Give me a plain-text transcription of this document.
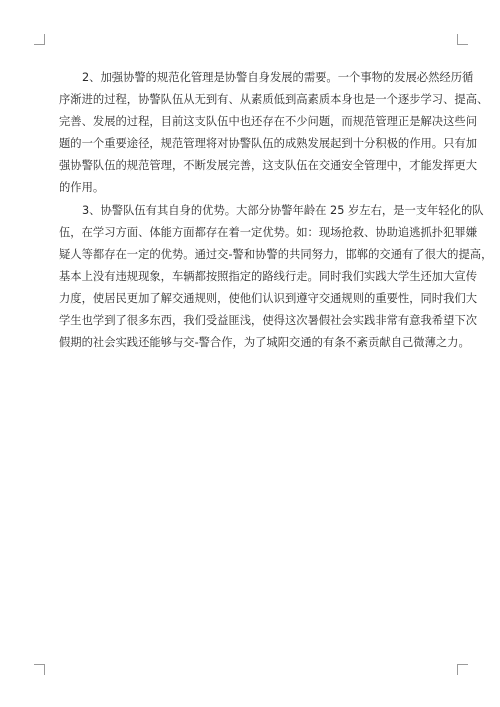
2、加强协警的规范化管理是协警自身发展的需要。一个事物的发展必然经历循
序渐进的过程，协警队伍从无到有、从素质低到高素质本身也是一个逐步学习、提高、
完善、发展的过程，目前这支队伍中也还存在不少问题，而规范管理正是解决这些问
题的一个重要途径，规范管理将对协警队伍的成熟发展起到十分积极的作用。只有加
强协警队伍的规范管理，不断发展完善，这支队伍在交通安全管理中，才能发挥更大
的作用。

3、协警队伍有其自身的优势。大部分协警年龄在 25 岁左右，是一支年轻化的队
伍，在学习方面、体能方面都存在着一定优势。如：现场抢救、协助追逃抓扑犯罪嫌
疑人等都存在一定的优势。通过交-警和协警的共同努力，邯郸的交通有了很大的提高，
基本上没有违规现象，车辆都按照指定的路线行走。同时我们实践大学生还加大宣传
力度，使居民更加了解交通规则，使他们认识到遵守交通规则的重要性，同时我们大
学生也学到了很多东西，我们受益匪浅，使得这次暑假社会实践非常有意我希望下次
假期的社会实践还能够与交-警合作，为了城阳交通的有条不紊贡献自己微薄之力。
